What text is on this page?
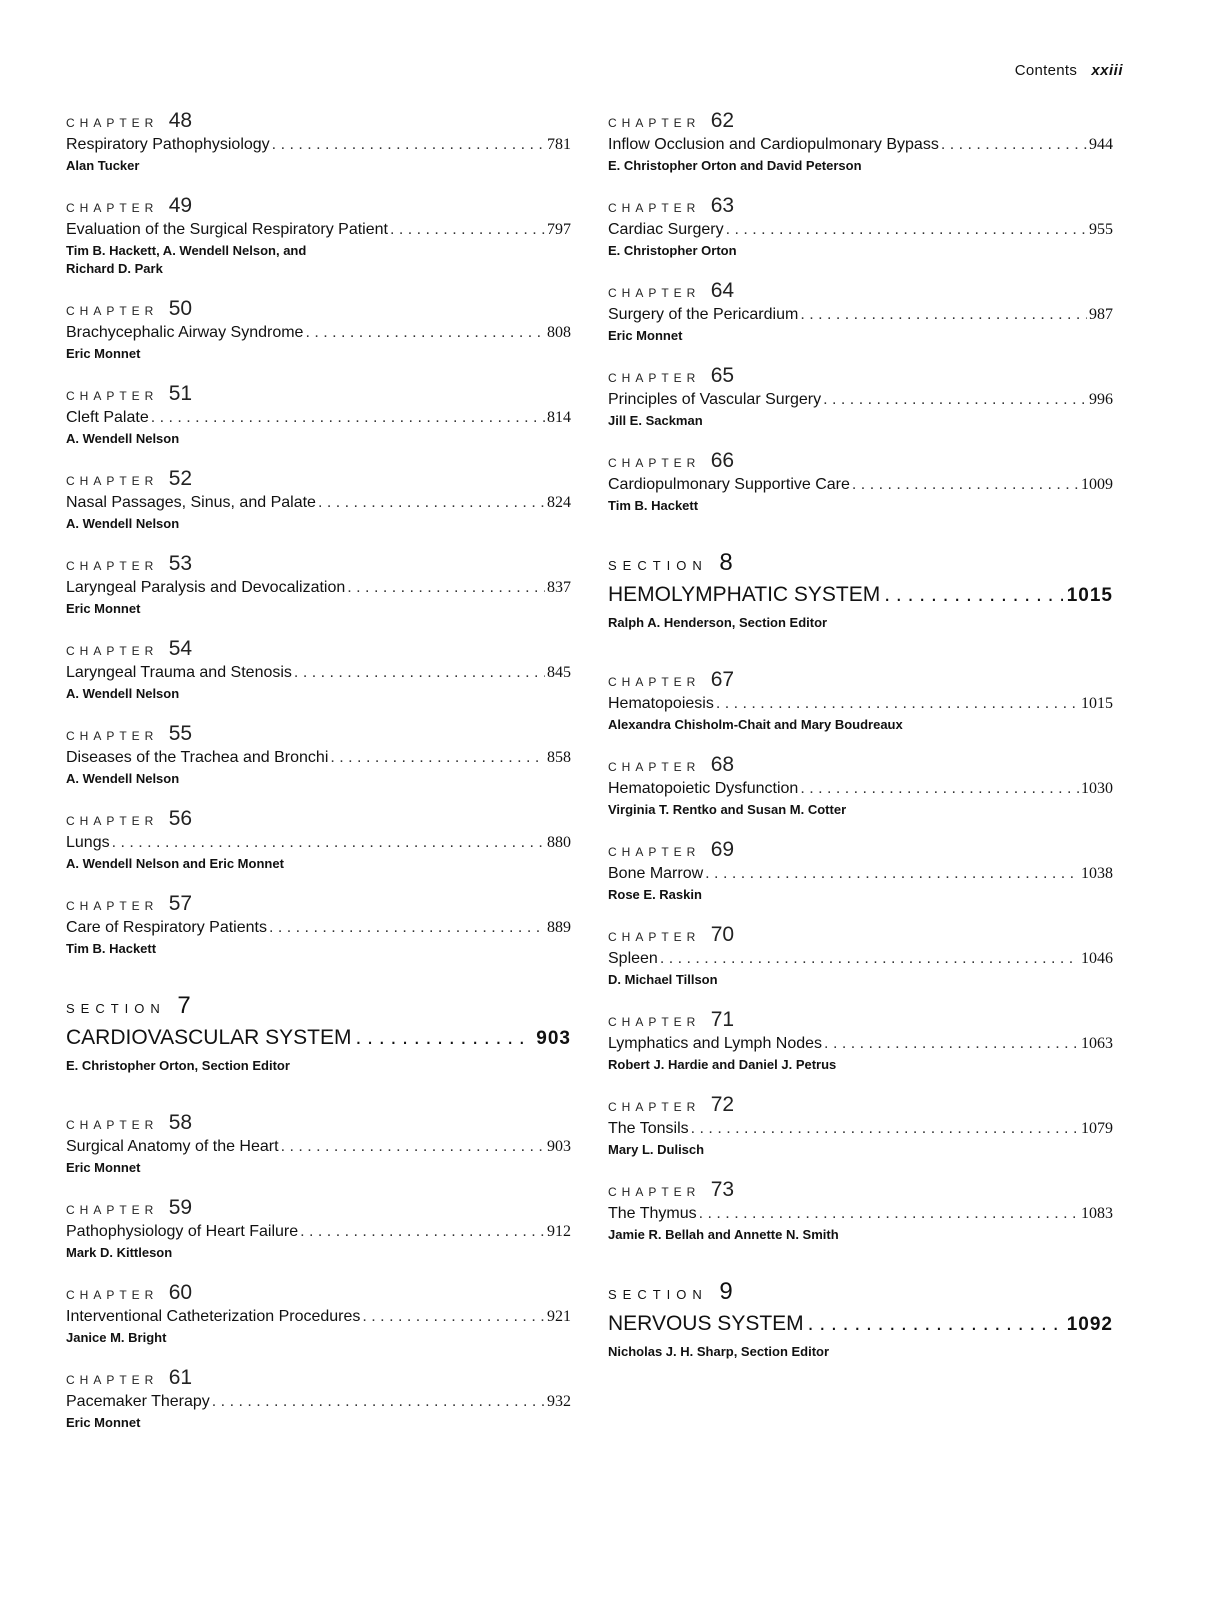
Contents xxiii
CHAPTER 48
Respiratory Pathophysiology . . .	781
Alan Tucker
CHAPTER 49
Evaluation of the Surgical Respiratory Patient . . .	797
Tim B. Hackett, A. Wendell Nelson, and
Richard D. Park
CHAPTER 50
Brachycephalic Airway Syndrome . . .	808
Eric Monnet
CHAPTER 51
Cleft Palate . . .	814
A. Wendell Nelson
CHAPTER 52
Nasal Passages, Sinus, and Palate . . .	824
A. Wendell Nelson
CHAPTER 53
Laryngeal Paralysis and Devocalization . . .	837
Eric Monnet
CHAPTER 54
Laryngeal Trauma and Stenosis . . .	845
A. Wendell Nelson
CHAPTER 55
Diseases of the Trachea and Bronchi . . .	858
A. Wendell Nelson
CHAPTER 56
Lungs . . .	880
A. Wendell Nelson and Eric Monnet
CHAPTER 57
Care of Respiratory Patients . . .	889
Tim B. Hackett
SECTION 7
CARDIOVASCULAR SYSTEM . . .	903
E. Christopher Orton, Section Editor
CHAPTER 58
Surgical Anatomy of the Heart . . .	903
Eric Monnet
CHAPTER 59
Pathophysiology of Heart Failure . . .	912
Mark D. Kittleson
CHAPTER 60
Interventional Catheterization Procedures . . .	921
Janice M. Bright
CHAPTER 61
Pacemaker Therapy . . .	932
Eric Monnet
CHAPTER 62
Inflow Occlusion and Cardiopulmonary Bypass . . .	944
E. Christopher Orton and David Peterson
CHAPTER 63
Cardiac Surgery . . .	955
E. Christopher Orton
CHAPTER 64
Surgery of the Pericardium . . .	987
Eric Monnet
CHAPTER 65
Principles of Vascular Surgery . . .	996
Jill E. Sackman
CHAPTER 66
Cardiopulmonary Supportive Care . . .	1009
Tim B. Hackett
SECTION 8
HEMOLYMPHATIC SYSTEM . . .	1015
Ralph A. Henderson, Section Editor
CHAPTER 67
Hematopoiesis . . .	1015
Alexandra Chisholm-Chait and Mary Boudreaux
CHAPTER 68
Hematopoietic Dysfunction . . .	1030
Virginia T. Rentko and Susan M. Cotter
CHAPTER 69
Bone Marrow . . .	1038
Rose E. Raskin
CHAPTER 70
Spleen . . .	1046
D. Michael Tillson
CHAPTER 71
Lymphatics and Lymph Nodes . . .	1063
Robert J. Hardie and Daniel J. Petrus
CHAPTER 72
The Tonsils . . .	1079
Mary L. Dulisch
CHAPTER 73
The Thymus . . .	1083
Jamie R. Bellah and Annette N. Smith
SECTION 9
NERVOUS SYSTEM . . .	1092
Nicholas J. H. Sharp, Section Editor
